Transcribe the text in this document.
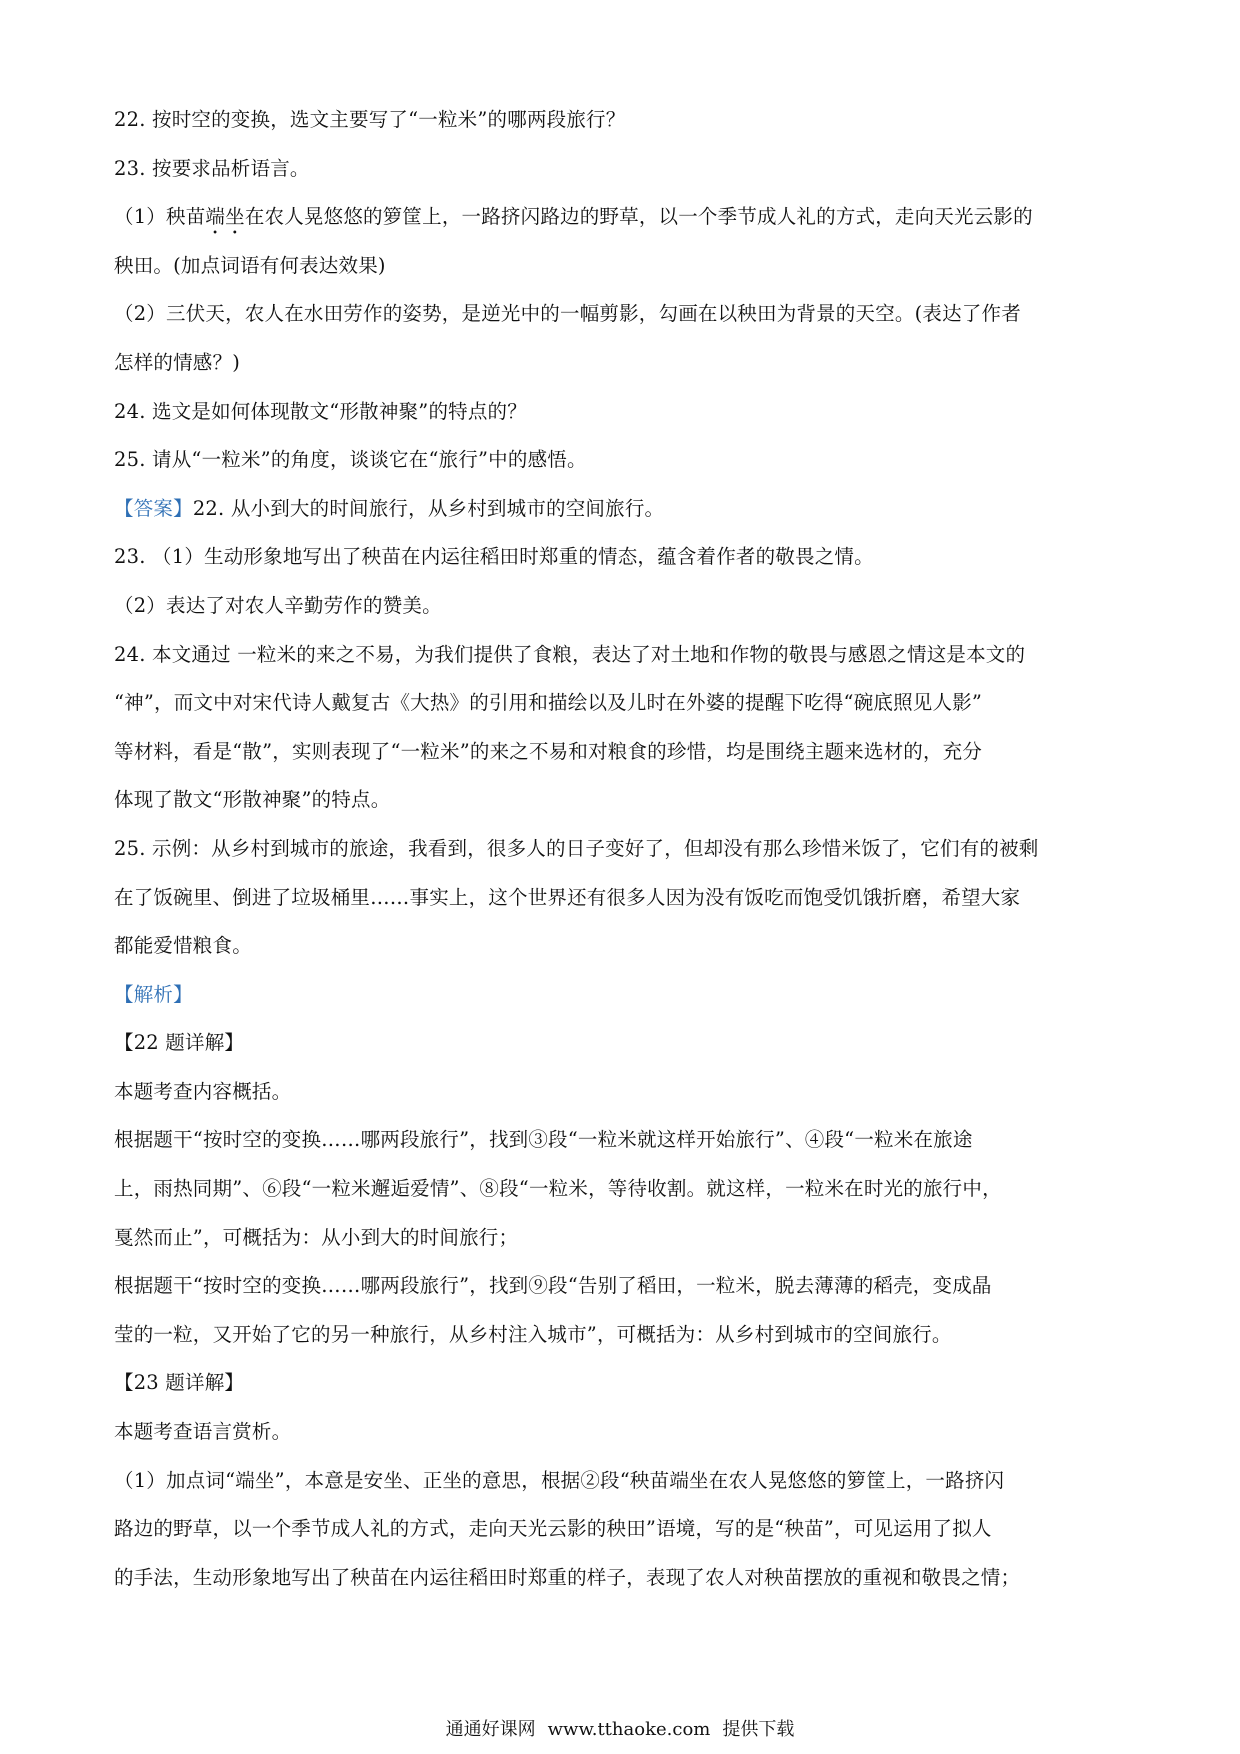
22. 按时空的变换，选文主要写了“一粒米”的哪两段旅行？
23. 按要求品析语言。
（1）秧苗端坐在农人晃悠悠的箩筐上，一路挤闪路边的野草，以一个季节成人礼的方式，走向天光云影的
秧田。(加点词语有何表达效果)
（2）三伏天，农人在水田劳作的姿势，是逆光中的一幅剪影，勾画在以秧田为背景的天空。(表达了作者
怎样的情感？)
24. 选文是如何体现散文“形散神聚”的特点的？
25. 请从“一粒米”的角度，谈谈它在“旅行”中的感悟。
【答案】22. 从小到大的时间旅行，从乡村到城市的空间旅行。
23. （1）生动形象地写出了秧苗在内运往稻田时郑重的情态，蕴含着作者的敬畏之情。
（2）表达了对农人辛勤劳作的赞美。
24. 本文通过 一粒米的来之不易，为我们提供了食粮，表达了对土地和作物的敬畏与感恩之情这是本文的
“神”，而文中对宋代诗人戴复古《大热》的引用和描绘以及儿时在外婆的提醒下吃得“碗底照见人影”
等材料，看是“散”，实则表现了“一粒米”的来之不易和对粮食的珍惜，均是围绕主题来选材的，充分
体现了散文“形散神聚”的特点。
25. 示例：从乡村到城市的旅途，我看到，很多人的日子变好了，但却没有那么珍惜米饭了，它们有的被剩
在了饭碗里、倒进了垃圾桶里……事实上，这个世界还有很多人因为没有饭吃而饱受饥饿折磨，希望大家
都能爱惜粮食。
【解析】
【22 题详解】
本题考查内容概括。
根据题干“按时空的变换……哪两段旅行”，找到③段“一粒米就这样开始旅行”、④段“一粒米在旅途
上，雨热同期”、⑥段“一粒米邂逅爱情”、⑧段“一粒米，等待收割。就这样，一粒米在时光的旅行中，
戛然而止”，可概括为：从小到大的时间旅行；
根据题干“按时空的变换……哪两段旅行”，找到⑨段“告别了稻田，一粒米，脱去薄薄的稻壳，变成晶
莹的一粒，又开始了它的另一种旅行，从乡村注入城市”，可概括为：从乡村到城市的空间旅行。
【23 题详解】
本题考查语言赏析。
（1）加点词“端坐”，本意是安坐、正坐的意思，根据②段“秧苗端坐在农人晃悠悠的箩筐上，一路挤闪
路边的野草，以一个季节成人礼的方式，走向天光云影的秧田”语境，写的是“秧苗”，可见运用了拟人
的手法，生动形象地写出了秧苗在内运往稻田时郑重的样子，表现了农人对秧苗摆放的重视和敬畏之情；
通通好课网 www.tthaoke.com 提供下载
